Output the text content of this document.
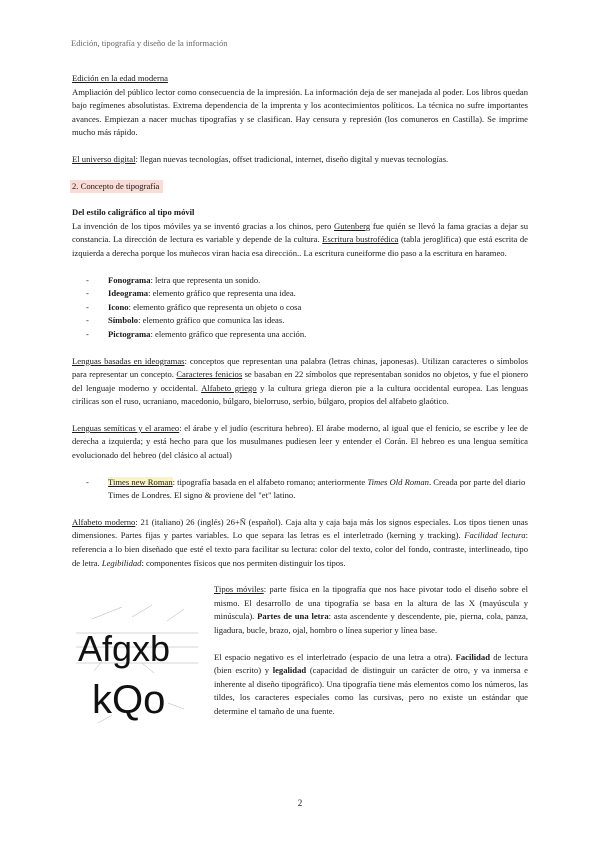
Edición, tipografía y diseño de la información

Edición en la edad moderna
Ampliación del público lector como consecuencia de la impresión. La información deja de ser manejada al poder. Los libros quedan bajo regímenes absolutistas. Extrema dependencia de la imprenta y los acontecimientos políticos. La técnica no sufre importantes avances. Empiezan a nacer muchas tipografías y se clasifican. Hay censura y represión (los comuneros en Castilla). Se imprime mucho más rápido.

El universo digital: llegan nuevas tecnologías, offset tradicional, internet, diseño digital y nuevas tecnologías.

2. Concepto de tipografía

Del estilo caligráfico al tipo móvil
La invención de los tipos móviles ya se inventó gracias a los chinos, pero Gutenberg fue quién se llevó la fama gracias a dejar su constancia. La dirección de lectura es variable y depende de la cultura. Escritura bustrofédica (tabla jeroglífica) que está escrita de izquierda a derecha porque los muñecos viran hacia esa dirección.. La escritura cuneiforme dio paso a la escritura en harameo.

- Fonograma: letra que representa un sonido.
- Ideograma: elemento gráfico que representa una idea.
- Icono: elemento gráfico que representa un objeto o cosa
- Símbolo: elemento gráfico que comunica las ideas.
- Pictograma: elemento gráfico que representa una acción.

Lenguas basadas en ideogramas: conceptos que representan una palabra (letras chinas, japonesas). Utilizan caracteres o símbolos para representar un concepto. Caracteres fenicios se basaban en 22 símbolos que representaban sonidos no objetos, y fue el pionero del lenguaje moderno y occidental. Alfabeto griego y la cultura griega dieron pie a la cultura occidental europea. Las lenguas cirílicas son el ruso, ucraniano, macedonio, búlgaro, bielorruso, serbio, búlgaro, propios del alfabeto glaótico.

Lenguas semíticas y el arameo: el árabe y el judío (escritura hebreo). El árabe moderno, al igual que el fenicio, se escribe y lee de derecha a izquierda; y está hecho para que los musulmanes pudiesen leer y entender el Corán. El hebreo es una lengua semítica evolucionado del hebreo (del clásico al actual)

- Times new Roman: tipografía basada en el alfabeto romano; anteriormente Times Old Roman. Creada por parte del diario Times de Londres. El signo & proviene del "et" latino.

Alfabeto moderno: 21 (italiano) 26 (inglés) 26+Ñ (español). Caja alta y caja baja más los signos especiales. Los tipos tienen unas dimensiones. Partes fijas y partes variables. Lo que separa las letras es el interletrado (kerning y tracking). Facilidad lectura: referencia a lo bien diseñado que esté el texto para facilitar su lectura: color del texto, color del fondo, contraste, interlineado, tipo de letra. Legibilidad: componentes físicos que nos permiten distinguir los tipos.

Afgxb
kQo

Tipos móviles: parte física en la tipografía que nos hace pivotar todo el diseño sobre el mismo. El desarrollo de una tipografía se basa en la altura de las X (mayúscula y minúscula). Partes de una letra: asta ascendente y descendente, pie, pierna, cola, panza, ligadura, bucle, brazo, ojal, hombro o línea superior y línea base.

El espacio negativo es el interletrado (espacio de una letra a otra). Facilidad de lectura (bien escrito) y legalidad (capacidad de distinguir un carácter de otro, y va inmersa e inherente al diseño tipográfico). Una tipografía tiene más elementos como los números, las tildes, los caracteres especiales como las cursivas, pero no existe un estándar que determine el tamaño de una fuente.

2
